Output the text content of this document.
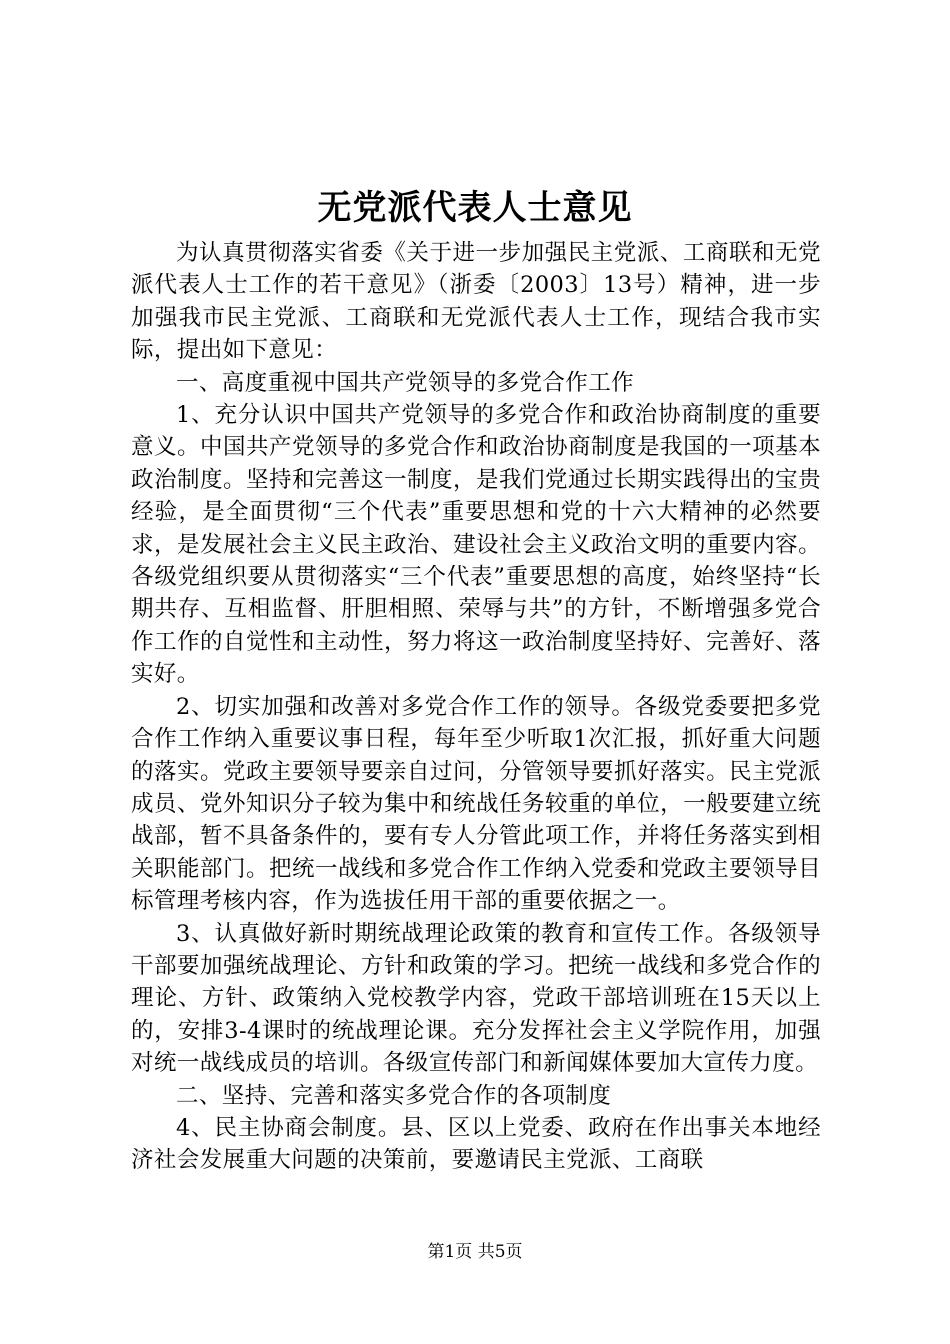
无党派代表人士意见

为认真贯彻落实省委《关于进一步加强民主党派、工商联和无党派代表人士工作的若干意见》（浙委〔2003〕13号）精神，进一步加强我市民主党派、工商联和无党派代表人士工作，现结合我市实际，提出如下意见：

一、高度重视中国共产党领导的多党合作工作

1、充分认识中国共产党领导的多党合作和政治协商制度的重要意义。中国共产党领导的多党合作和政治协商制度是我国的一项基本政治制度。坚持和完善这一制度，是我们党通过长期实践得出的宝贵经验，是全面贯彻“三个代表”重要思想和党的十六大精神的必然要求，是发展社会主义民主政治、建设社会主义政治文明的重要内容。各级党组织要从贯彻落实“三个代表”重要思想的高度，始终坚持“长期共存、互相监督、肝胆相照、荣辱与共”的方针，不断增强多党合作工作的自觉性和主动性，努力将这一政治制度坚持好、完善好、落实好。

2、切实加强和改善对多党合作工作的领导。各级党委要把多党合作工作纳入重要议事日程，每年至少听取1次汇报，抓好重大问题的落实。党政主要领导要亲自过问，分管领导要抓好落实。民主党派成员、党外知识分子较为集中和统战任务较重的单位，一般要建立统战部，暂不具备条件的，要有专人分管此项工作，并将任务落实到相关职能部门。把统一战线和多党合作工作纳入党委和党政主要领导目标管理考核内容，作为选拔任用干部的重要依据之一。

3、认真做好新时期统战理论政策的教育和宣传工作。各级领导干部要加强统战理论、方针和政策的学习。把统一战线和多党合作的理论、方针、政策纳入党校教学内容，党政干部培训班在15天以上的，安排3-4课时的统战理论课。充分发挥社会主义学院作用，加强对统一战线成员的培训。各级宣传部门和新闻媒体要加大宣传力度。

二、坚持、完善和落实多党合作的各项制度

4、民主协商会制度。县、区以上党委、政府在作出事关本地经济社会发展重大问题的决策前，要邀请民主党派、工商联

第1页 共5页
